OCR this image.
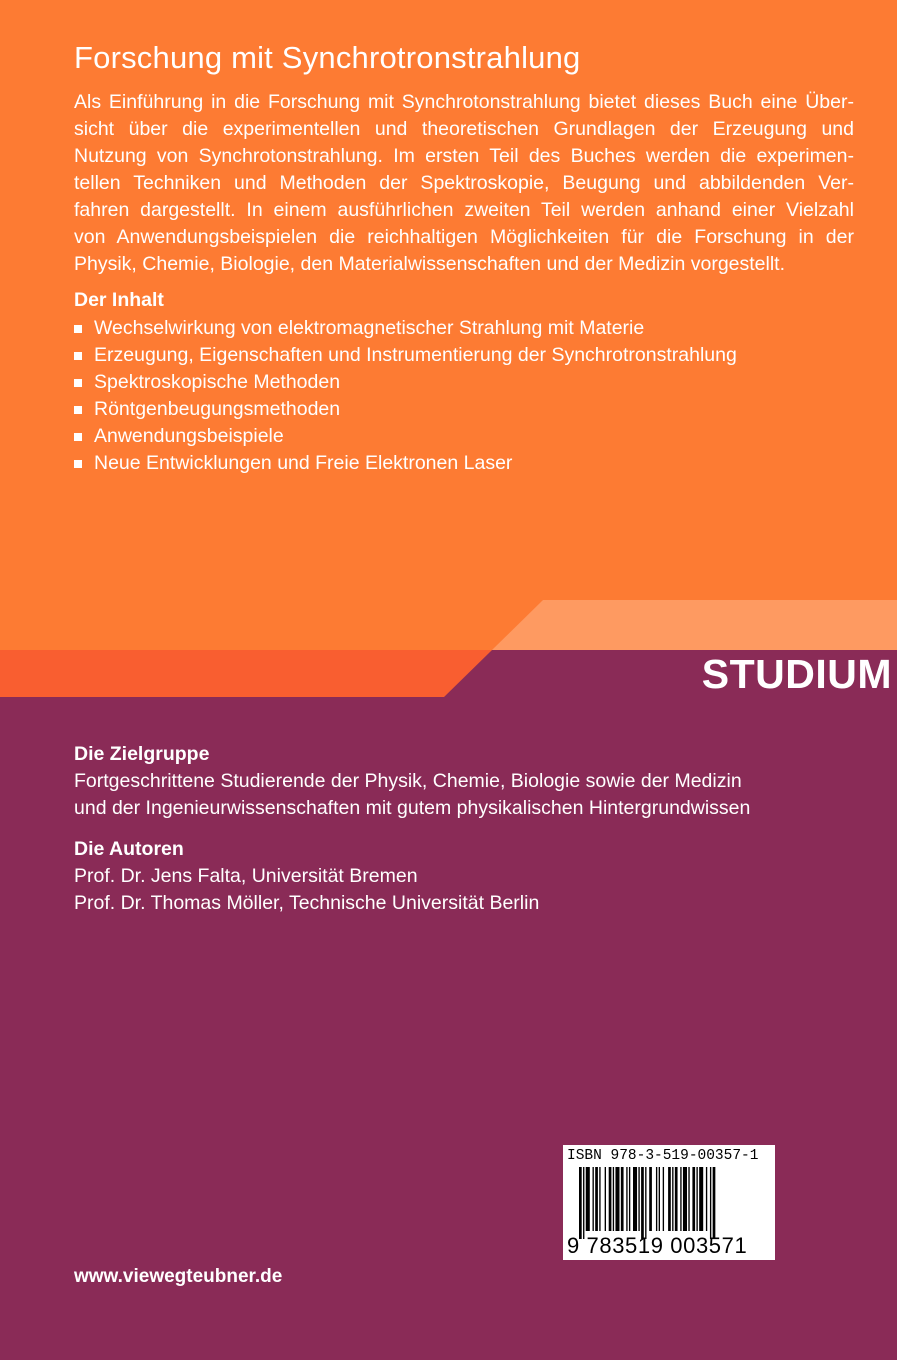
Forschung mit Synchrotronstrahlung
Als Einführung in die Forschung mit Synchrotonstrahlung bietet dieses Buch eine Über-
sicht über die experimentellen und theoretischen Grundlagen der Erzeugung und
Nutzung von Synchrotonstrahlung. Im ersten Teil des Buches werden die experimen-
tellen Techniken und Methoden der Spektroskopie, Beugung und abbildenden Ver-
fahren dargestellt. In einem ausführlichen zweiten Teil werden anhand einer Vielzahl
von Anwendungsbeispielen die reichhaltigen Möglichkeiten für die Forschung in der
Physik, Chemie, Biologie, den Materialwissenschaften und der Medizin vorgestellt.
Der Inhalt
Wechselwirkung von elektromagnetischer Strahlung mit Materie
Erzeugung, Eigenschaften und Instrumentierung der Synchrotronstrahlung
Spektroskopische Methoden
Röntgenbeugungsmethoden
Anwendungsbeispiele
Neue Entwicklungen und Freie Elektronen Laser
STUDIUM
Die Zielgruppe
Fortgeschrittene Studierende der Physik, Chemie, Biologie sowie der Medizin
und der Ingenieurwissenschaften mit gutem physikalischen Hintergrundwissen
Die Autoren
Prof. Dr. Jens Falta, Universität Bremen
Prof. Dr. Thomas Möller, Technische Universität Berlin
ISBN 978-3-519-00357-1
9 783519 003571
www.viewegteubner.de
